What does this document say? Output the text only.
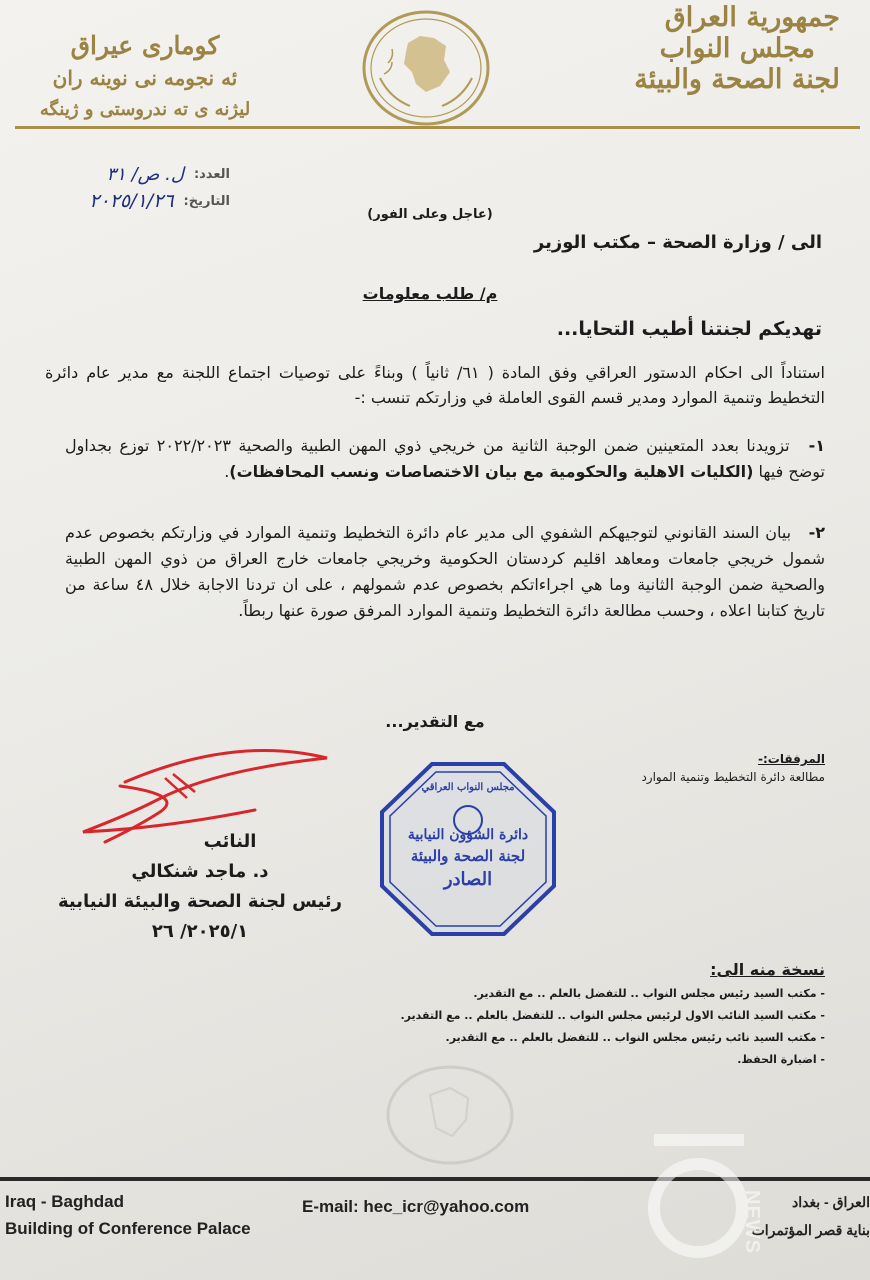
جمهورية العراق
مجلس النواب
لجنة الصحة والبيئة
كوماری عیراق
ئه نجومه نی نوینه ران
لیژنه ی ته ندروستی و ژینگه
العدد:
ل. ص/ ٣١
التاريخ:
٢٠٢٥/١/٢٦
(عاجل وعلى الفور)
الى / وزارة الصحة – مكتب الوزير
م/ طلب معلومات
تهديكم لجنتنا أطيب التحايا...
استناداً الى احكام الدستور العراقي وفق المادة ( ٦١/ ثانياً ) وبناءً على توصيات اجتماع اللجنة مع مدير عام دائرة التخطيط وتنمية الموارد ومدير قسم القوى العاملة في وزارتكم تنسب :-
١- تزويدنا بعدد المتعينين ضمن الوجبة الثانية من خريجي ذوي المهن الطبية والصحية ٢٠٢٢/٢٠٢٣ توزع بجداول توضح فيها (الكليات الاهلية والحكومية مع بيان الاختصاصات ونسب المحافظات).
٢- بيان السند القانوني لتوجيهكم الشفوي الى مدير عام دائرة التخطيط وتنمية الموارد في وزارتكم بخصوص عدم شمول خريجي جامعات ومعاهد اقليم كردستان الحكومية وخريجي جامعات خارج العراق من ذوي المهن الطبية والصحية ضمن الوجبة الثانية وما هي اجراءاتكم بخصوص عدم شمولهم ، على ان تردنا الاجابة خلال ٤٨ ساعة من تاريخ كتابنا اعلاه ، وحسب مطالعة دائرة التخطيط وتنمية الموارد المرفق صورة عنها ربطاً.
مع التقدير...
المرفقات:-
مطالعة دائرة التخطيط وتنمية الموارد
النائب
د. ماجد شنكالي
رئيس لجنة الصحة والبيئة النيابية
٢٠٢٥/١/ ٢٦
مجلس النواب العراقي
دائرة الشؤون النيابية
لجنة الصحة والبيئة
الصادر
نسخة منه الى:
- مكتب السيد رئيس مجلس النواب .. للتفضل بالعلم .. مع التقدير.
- مكتب السيد النائب الاول لرئيس مجلس النواب .. للتفضل بالعلم .. مع التقدير.
- مكتب السيد نائب رئيس مجلس النواب .. للتفضل بالعلم .. مع التقدير.
- اضبارة الحفظ.
Iraq - Baghdad
Building of Conference Palace
E-mail: hec_icr@yahoo.com	العراق - بغداد
بناية قصر المؤتمرات
NEWS
